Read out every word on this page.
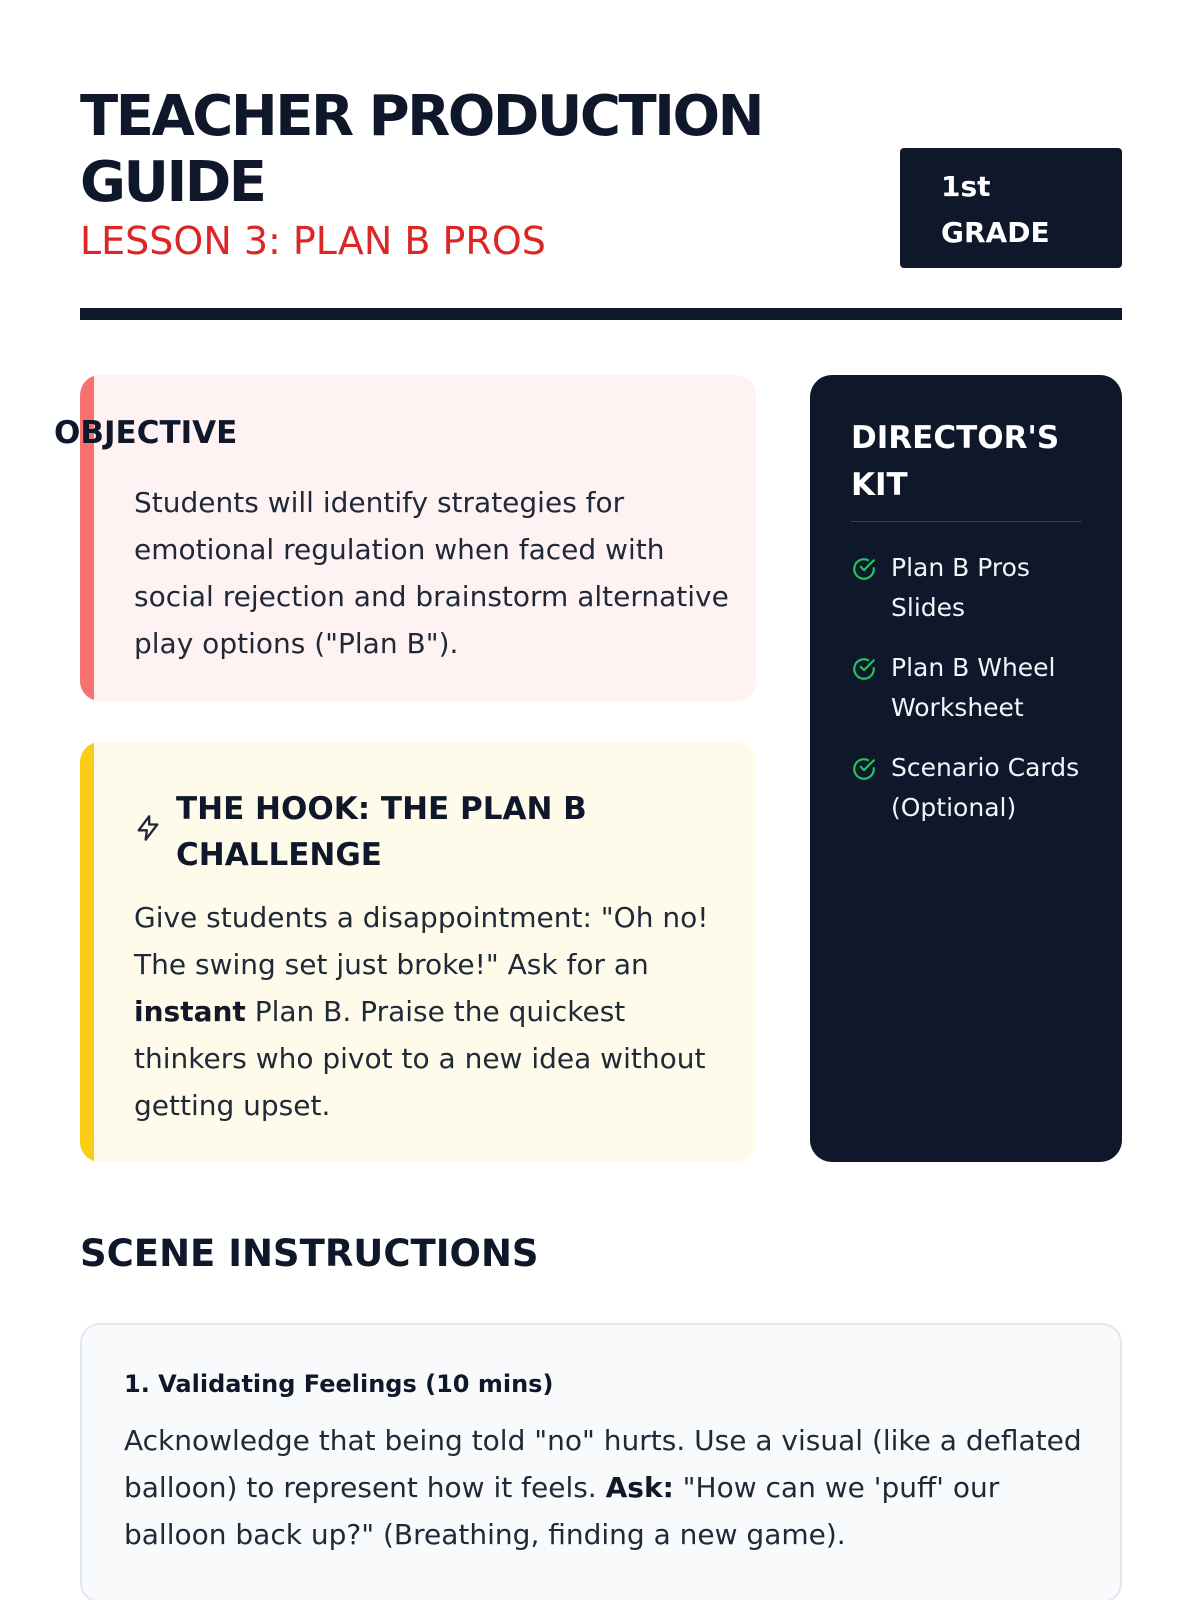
TEACHER PRODUCTION GUIDE
LESSON 3: PLAN B PROS
1st
GRADE
OBJECTIVE

Students will identify strategies for emotional regulation when faced with social rejection and brainstorm alternative play options ("Plan B").

THE HOOK: THE PLAN B CHALLENGE

Give students a disappointment: "Oh no! The swing set just broke!" Ask for an instant Plan B. Praise the quickest thinkers who pivot to a new idea without getting upset.

DIRECTOR'S KIT
Plan B Pros Slides
Plan B Wheel Worksheet
Scenario Cards (Optional)
SCENE INSTRUCTIONS
1. Validating Feelings (10 mins)

Acknowledge that being told "no" hurts. Use a visual (like a deflated balloon) to represent how it feels. Ask: "How can we 'puff' our balloon back up?" (Breathing, finding a new game).
